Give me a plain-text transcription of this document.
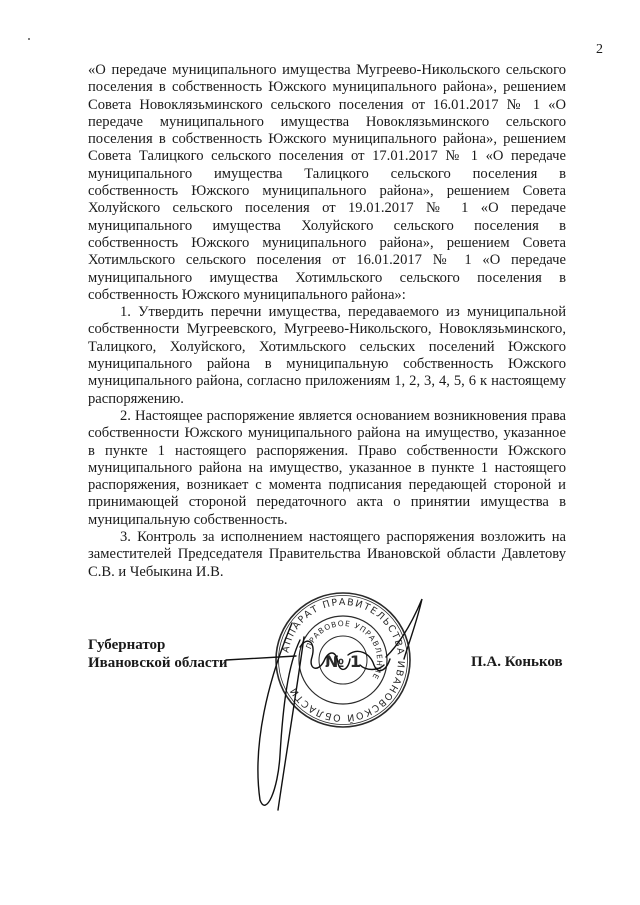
2

«О передаче муниципального имущества Мугреево-Никольского сельского поселения в собственность Южского муниципального района», решением Совета Новоклязьминского сельского поселения от 16.01.2017 № 1 «О передаче муниципального имущества Новоклязьминского сельского поселения в собственность Южского муниципального района», решением Совета Талицкого сельского поселения от 17.01.2017 № 1 «О передаче муниципального имущества Талицкого сельского поселения в собственность Южского муниципального района», решением Совета Холуйского сельского поселения от 19.01.2017 № 1 «О передаче муниципального имущества Холуйского сельского поселения в собственность Южского муниципального района», решением Совета Хотимльского сельского поселения от 16.01.2017 № 1 «О передаче муниципального имущества Хотимльского сельского поселения в собственность Южского муниципального района»:

1. Утвердить перечни имущества, передаваемого из муниципальной собственности Мугреевского, Мугреево-Никольского, Новоклязьминского, Талицкого, Холуйского, Хотимльского сельских поселений Южского муниципального района в муниципальную собственность Южского муниципального района, согласно приложениям 1, 2, 3, 4, 5, 6 к настоящему распоряжению.

2. Настоящее распоряжение является основанием возникновения права собственности Южского муниципального района на имущество, указанное в пункте 1 настоящего распоряжения. Право собственности Южского муниципального района на имущество, указанное в пункте 1 настоящего распоряжения, возникает с момента подписания передающей стороной и принимающей стороной передаточного акта о принятии имущества в муниципальную собственность.

3. Контроль за исполнением настоящего распоряжения возложить на заместителей Председателя Правительства Ивановской области Давлетову С.В. и Чебыкина И.В.

Губернатор
Ивановской области	П.А. Коньков
АППАРАТ ПРАВИТЕЛЬСТВА ИВАНОВСКОЙ ОБЛАСТИ
ПРАВОВОЕ УПРАВЛЕНИЕ
№ 1
